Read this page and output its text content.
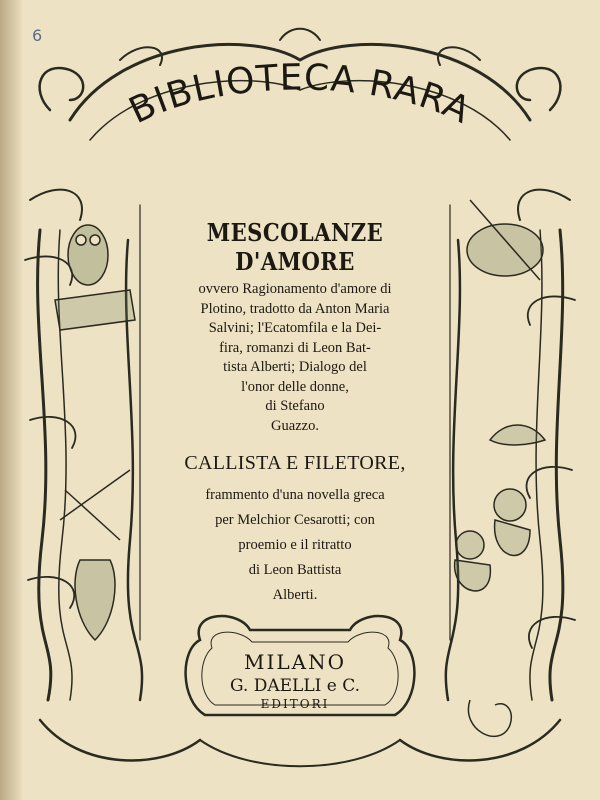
6
BIBLIOTECA RARA
MESCOLANZE D'AMORE
ovvero Ragionamento d'amore di
Plotino, tradotto da Anton Maria
Salvini; l'Ecatomfila e la Dei-
fira, romanzi di Leon Bat-
tista Alberti; Dialogo del
l'onor delle donne,
di Stefano
Guazzo.
CALLISTA E FILETORE,
frammento d'una novella greca
per Melchior Cesarotti; con
proemio e il ritratto
di Leon Battista
Alberti.
MILANO
G. DAELLI e C.
EDITORI
